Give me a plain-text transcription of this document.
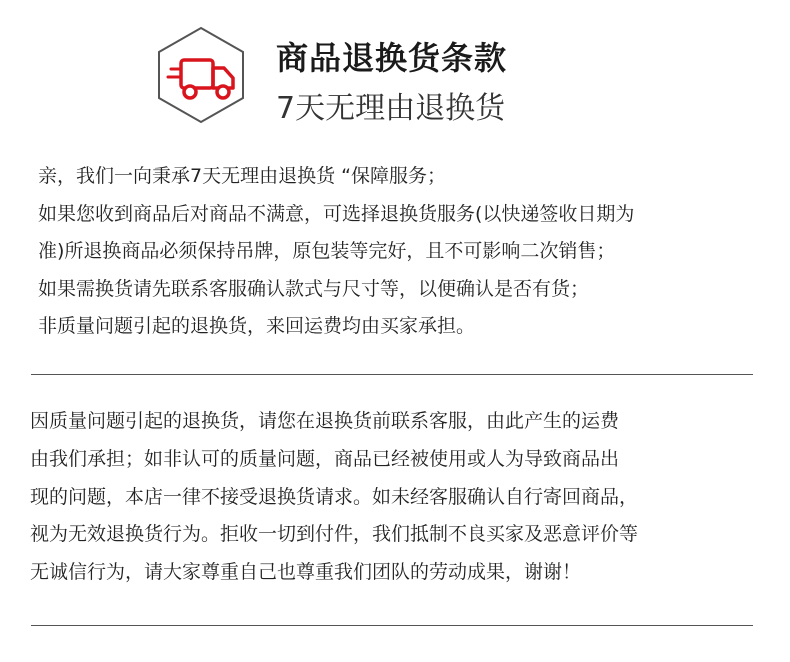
商品退换货条款
7天无理由退换货
亲，我们一向秉承7天无理由退换货 “保障服务；
如果您收到商品后对商品不满意，可选择退换货服务(以快递签收日期为
准)所退换商品必须保持吊牌，原包装等完好，且不可影响二次销售；
如果需换货请先联系客服确认款式与尺寸等，以便确认是否有货；
非质量问题引起的退换货，来回运费均由买家承担。
因质量问题引起的退换货，请您在退换货前联系客服，由此产生的运费
由我们承担；如非认可的质量问题，商品已经被使用或人为导致商品出
现的问题，本店一律不接受退换货请求。如未经客服确认自行寄回商品，
视为无效退换货行为。拒收一切到付件，我们抵制不良买家及恶意评价等
无诚信行为，请大家尊重自己也尊重我们团队的劳动成果，谢谢！
